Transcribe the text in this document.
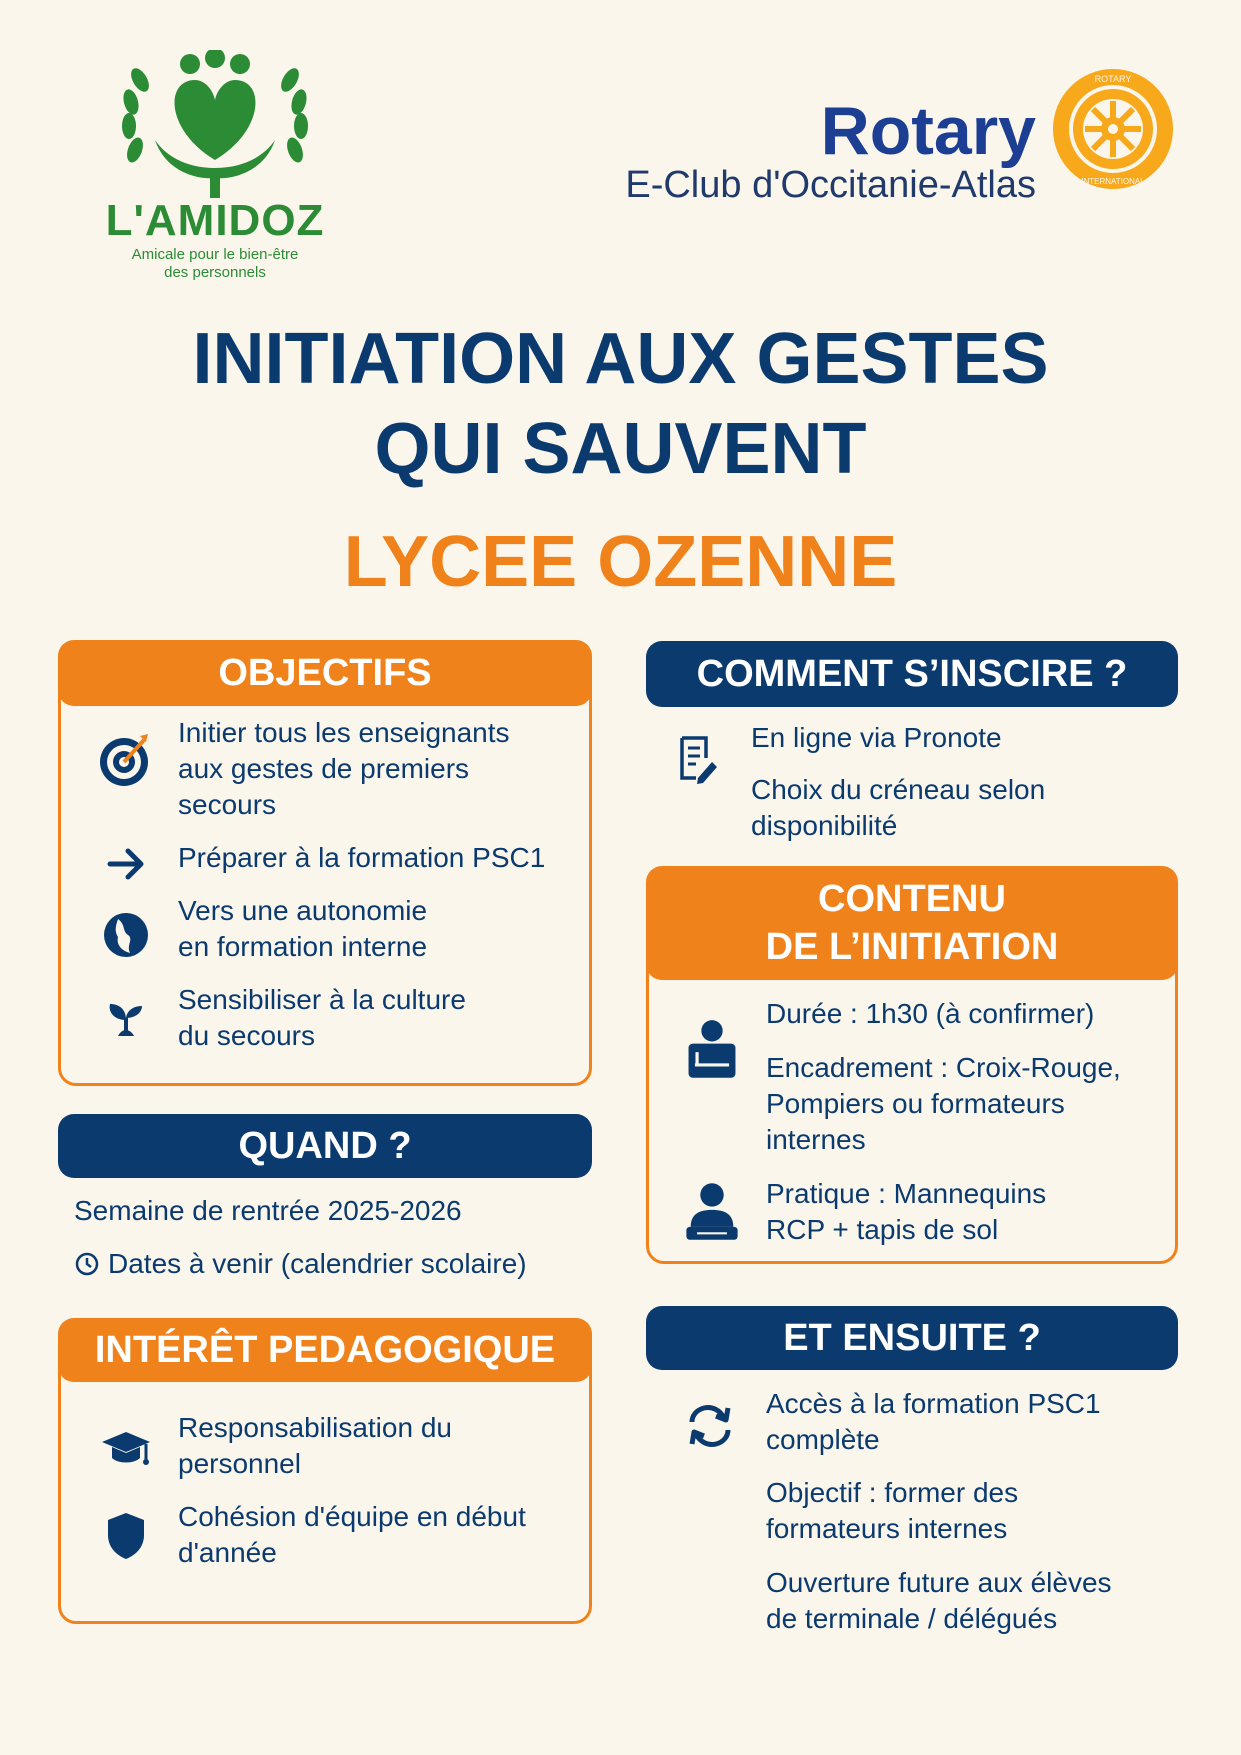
L'AMIDOZ
Amicale pour le bien-être
des personnels
Rotary
E-Club d'Occitanie-Atlas
ROTARY
INTERNATIONAL
INITIATION AUX GESTES
QUI SAUVENT
LYCEE OZENNE
OBJECTIFS
Initier tous les enseignants
aux gestes de premiers
secours
Préparer à la formation PSC1
Vers une autonomie
en formation interne
Sensibiliser à la culture
du secours
QUAND ?
Semaine de rentrée 2025-2026
Dates à venir (calendrier scolaire)
INTÉRÊT PEDAGOGIQUE
Responsabilisation du
personnel
Cohésion d'équipe en début
d'année
COMMENT S’INSCIRE ?
En ligne via Pronote
Choix du créneau selon
disponibilité
CONTENU
DE L’INITIATION
Durée : 1h30 (à confirmer)
Encadrement : Croix-Rouge,
Pompiers ou formateurs
internes
Pratique : Mannequins
RCP + tapis de sol
ET ENSUITE ?
Accès à la formation PSC1
complète
Objectif : former des
formateurs internes
Ouverture future aux élèves
de terminale / délégués
